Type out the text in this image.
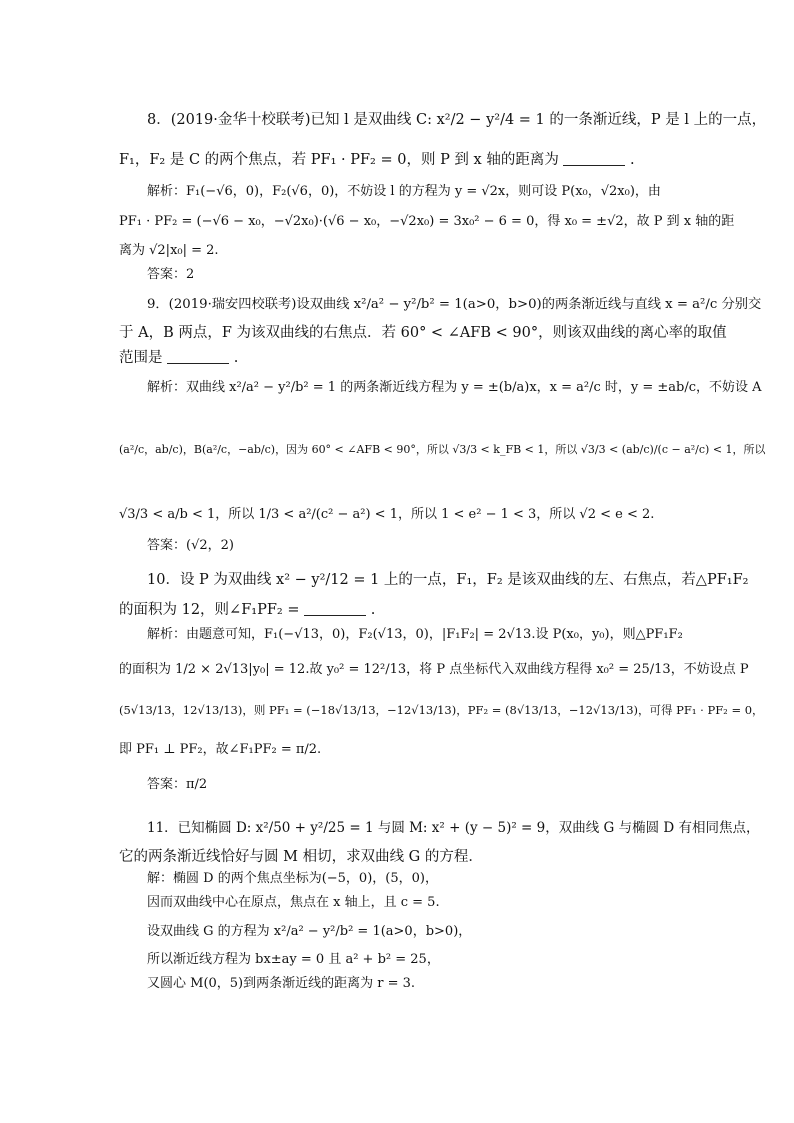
8．(2019·金华十校联考)已知 l 是双曲线 C: x²/2 − y²/4 = 1 的一条渐近线，P 是 l 上的一点，
F₁，F₂ 是 C 的两个焦点，若 PF₁ · PF₂ = 0，则 P 到 x 轴的距离为	.
解析：F₁(−√6，0)，F₂(√6，0)，不妨设 l 的方程为 y = √2x，则可设 P(x₀，√2x₀)，由
PF₁ · PF₂ = (−√6 − x₀，−√2x₀)·(√6 − x₀，−√2x₀) = 3x₀² − 6 = 0，得 x₀ = ±√2，故 P 到 x 轴的距
离为 √2|x₀| = 2.
答案：2
9．(2019·瑞安四校联考)设双曲线 x²/a² − y²/b² = 1(a>0，b>0)的两条渐近线与直线 x = a²/c 分别交
于 A，B 两点，F 为该双曲线的右焦点．若 60° < ∠AFB < 90°，则该双曲线的离心率的取值
范围是	.
解析：双曲线 x²/a² − y²/b² = 1 的两条渐近线方程为 y = ±(b/a)x，x = a²/c 时，y = ±ab/c，不妨设 A
(a²/c，ab/c)，B(a²/c，−ab/c)，因为 60° < ∠AFB < 90°，所以 √3/3 < k_FB < 1，所以 √3/3 < (ab/c)/(c − a²/c) < 1，所以
√3/3 < a/b < 1，所以 1/3 < a²/(c² − a²) < 1，所以 1 < e² − 1 < 3，所以 √2 < e < 2.
答案：(√2，2)
10．设 P 为双曲线 x² − y²/12 = 1 上的一点，F₁，F₂ 是该双曲线的左、右焦点，若△PF₁F₂
的面积为 12，则∠F₁PF₂ =	.
解析：由题意可知，F₁(−√13，0)，F₂(√13，0)，|F₁F₂| = 2√13.设 P(x₀，y₀)，则△PF₁F₂
的面积为 1/2 × 2√13|y₀| = 12.故 y₀² = 12²/13，将 P 点坐标代入双曲线方程得 x₀² = 25/13，不妨设点 P
(5√13/13，12√13/13)，则 PF₁ = (−18√13/13，−12√13/13)，PF₂ = (8√13/13，−12√13/13)，可得 PF₁ · PF₂ = 0，
即 PF₁ ⊥ PF₂，故∠F₁PF₂ = π/2.
答案：π/2
11．已知椭圆 D: x²/50 + y²/25 = 1 与圆 M: x² + (y − 5)² = 9，双曲线 G 与椭圆 D 有相同焦点，
它的两条渐近线恰好与圆 M 相切，求双曲线 G 的方程．
解：椭圆 D 的两个焦点坐标为(−5，0)，(5，0)，
因而双曲线中心在原点，焦点在 x 轴上，且 c = 5.
设双曲线 G 的方程为 x²/a² − y²/b² = 1(a>0，b>0)，
所以渐近线方程为 bx±ay = 0 且 a² + b² = 25，
又圆心 M(0，5)到两条渐近线的距离为 r = 3.
